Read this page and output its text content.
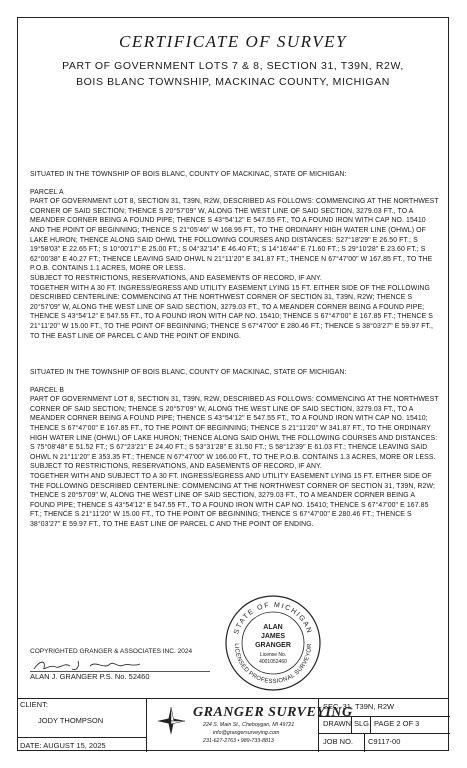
CERTIFICATE OF SURVEY
PART OF GOVERNMENT LOTS 7 & 8, SECTION 31, T39N, R2W,
BOIS BLANC TOWNSHIP, MACKINAC COUNTY, MICHIGAN

SITUATED IN THE TOWNSHIP OF BOIS BLANC, COUNTY OF MACKINAC, STATE OF MICHIGAN:

PARCEL A

PART OF GOVERNMENT LOT 8, SECTION 31, T39N, R2W, DESCRIBED AS FOLLOWS: COMMENCING AT THE NORTHWEST CORNER OF SAID SECTION; THENCE S 20°57'09" W, ALONG THE WEST LINE OF SAID SECTION, 3279.03 FT., TO A MEANDER CORNER BEING A FOUND PIPE; THENCE S 43°54'12" E 547.55 FT., TO A FOUND IRON WITH CAP NO. 15410 AND THE POINT OF BEGINNING; THENCE S 21°05'46" W 168.95 FT., TO THE ORDINARY HIGH WATER LINE (OHWL) OF LAKE HURON; THENCE ALONG SAID OHWL THE FOLLOWING COURSES AND DISTANCES: S27°18'29" E 26.50 FT.; S 19°58'03" E 22.65 FT.; S 10°00'17" E 25.00 FT.; S 04°32'14" E 46.40 FT.; S 14°16'44" E 71.60 FT.; S 29°10'28" E 23.60 FT.; S 62°00'38" E 40.27 FT.; THENCE LEAVING SAID OHWL N 21°11'20" E 341.87 FT.; THENCE N 67°47'00" W 167.85 FT., TO THE P.O.B. CONTAINS 1.1 ACRES, MORE OR LESS.

SUBJECT TO RESTRICTIONS, RESERVATIONS, AND EASEMENTS OF RECORD, IF ANY.

TOGETHER WITH A 30 FT. INGRESS/EGRESS AND UTILITY EASEMENT LYING 15 FT. EITHER SIDE OF THE FOLLOWING DESCRIBED CENTERLINE: COMMENCING AT THE NORTHWEST CORNER OF SECTION 31, T39N, R2W; THENCE S 20°57'09" W, ALONG THE WEST LINE OF SAID SECTION, 3279.03 FT., TO A MEANDER CORNER BEING A FOUND PIPE; THENCE S 43°54'12" E 547.55 FT., TO A FOUND IRON WITH CAP NO. 15410; THENCE S 67°47'00" E 167.85 FT.; THENCE S 21°11'20" W 15.00 FT., TO THE POINT OF BEGINNING; THENCE S 67°47'00" E 280.46 FT.; THENCE S 38°03'27" E 59.97 FT., TO THE EAST LINE OF PARCEL C AND THE POINT OF ENDING.

SITUATED IN THE TOWNSHIP OF BOIS BLANC, COUNTY OF MACKINAC, STATE OF MICHIGAN:

PARCEL B

PART OF GOVERNMENT LOT 8, SECTION 31, T39N, R2W, DESCRIBED AS FOLLOWS: COMMENCING AT THE NORTHWEST CORNER OF SAID SECTION; THENCE S 20°57'09" W, ALONG THE WEST LINE OF SAID SECTION, 3279.03 FT., TO A MEANDER CORNER BEING A FOUND PIPE; THENCE S 43°54'12" E 547.55 FT., TO A FOUND IRON WITH CAP NO. 15410; THENCE S 67°47'00" E 167.85 FT., TO THE POINT OF BEGINNING; THENCE S 21°11'20" W 341.87 FT., TO THE ORDINARY HIGH WATER LINE (OHWL) OF LAKE HURON; THENCE ALONG SAID OHWL THE FOLLOWING COURSES AND DISTANCES: S 75°08'48" E 51.52 FT.; S 67°23'21" E 24.40 FT.; S 53°31'28" E 31.50 FT.; S 58°12'39" E 61.03 FT.; THENCE LEAVING SAID OHWL N 21°11'20" E 353.35 FT.; THENCE N 67°47'00" W 166.00 FT., TO THE P.O.B. CONTAINS 1.3 ACRES, MORE OR LESS.

SUBJECT TO RESTRICTIONS, RESERVATIONS, AND EASEMENTS OF RECORD, IF ANY.

TOGETHER WITH AND SUBJECT TO A 30 FT. INGRESS/EGRESS AND UTILITY EASEMENT LYING 15 FT. EITHER SIDE OF THE FOLLOWING DESCRIBED CENTERLINE: COMMENCING AT THE NORTHWEST CORNER OF SECTION 31, T39N, R2W; THENCE S 20°57'09" W, ALONG THE WEST LINE OF SAID SECTION, 3279.03 FT., TO A MEANDER CORNER BEING A FOUND PIPE; THENCE S 43°54'12" E 547.55 FT., TO A FOUND IRON WITH CAP NO. 15410; THENCE S 67°47'00" E 167.85 FT.; THENCE S 21°11'20" W 15.00 FT., TO THE POINT OF BEGINNING; THENCE S 67°47'00" E 280.46 FT.; THENCE S 38°03'27" E 59.97 FT., TO THE EAST LINE OF PARCEL C AND THE POINT OF ENDING.

COPYRIGHTED GRANGER & ASSOCIATES INC. 2024
ALAN J. GRANGER P.S. No. 52460
STATE OF MICHIGAN
LICENSED PROFESSIONAL SURVEYOR
ALAN
JAMES
GRANGER
License No.
4001052460
CLIENT:
JODY THOMPSON
DATE: AUGUST 15, 2025
GRANGER SURVEYING
224 S. Main St., Cheboygan, MI 49721
info@grangersurveying.com
231-627-2763 • 989-733-8813
SEC. 31, T39N, R2W
DRAWN SLG PAGE 2 OF 3
JOB NO. C9117-00
